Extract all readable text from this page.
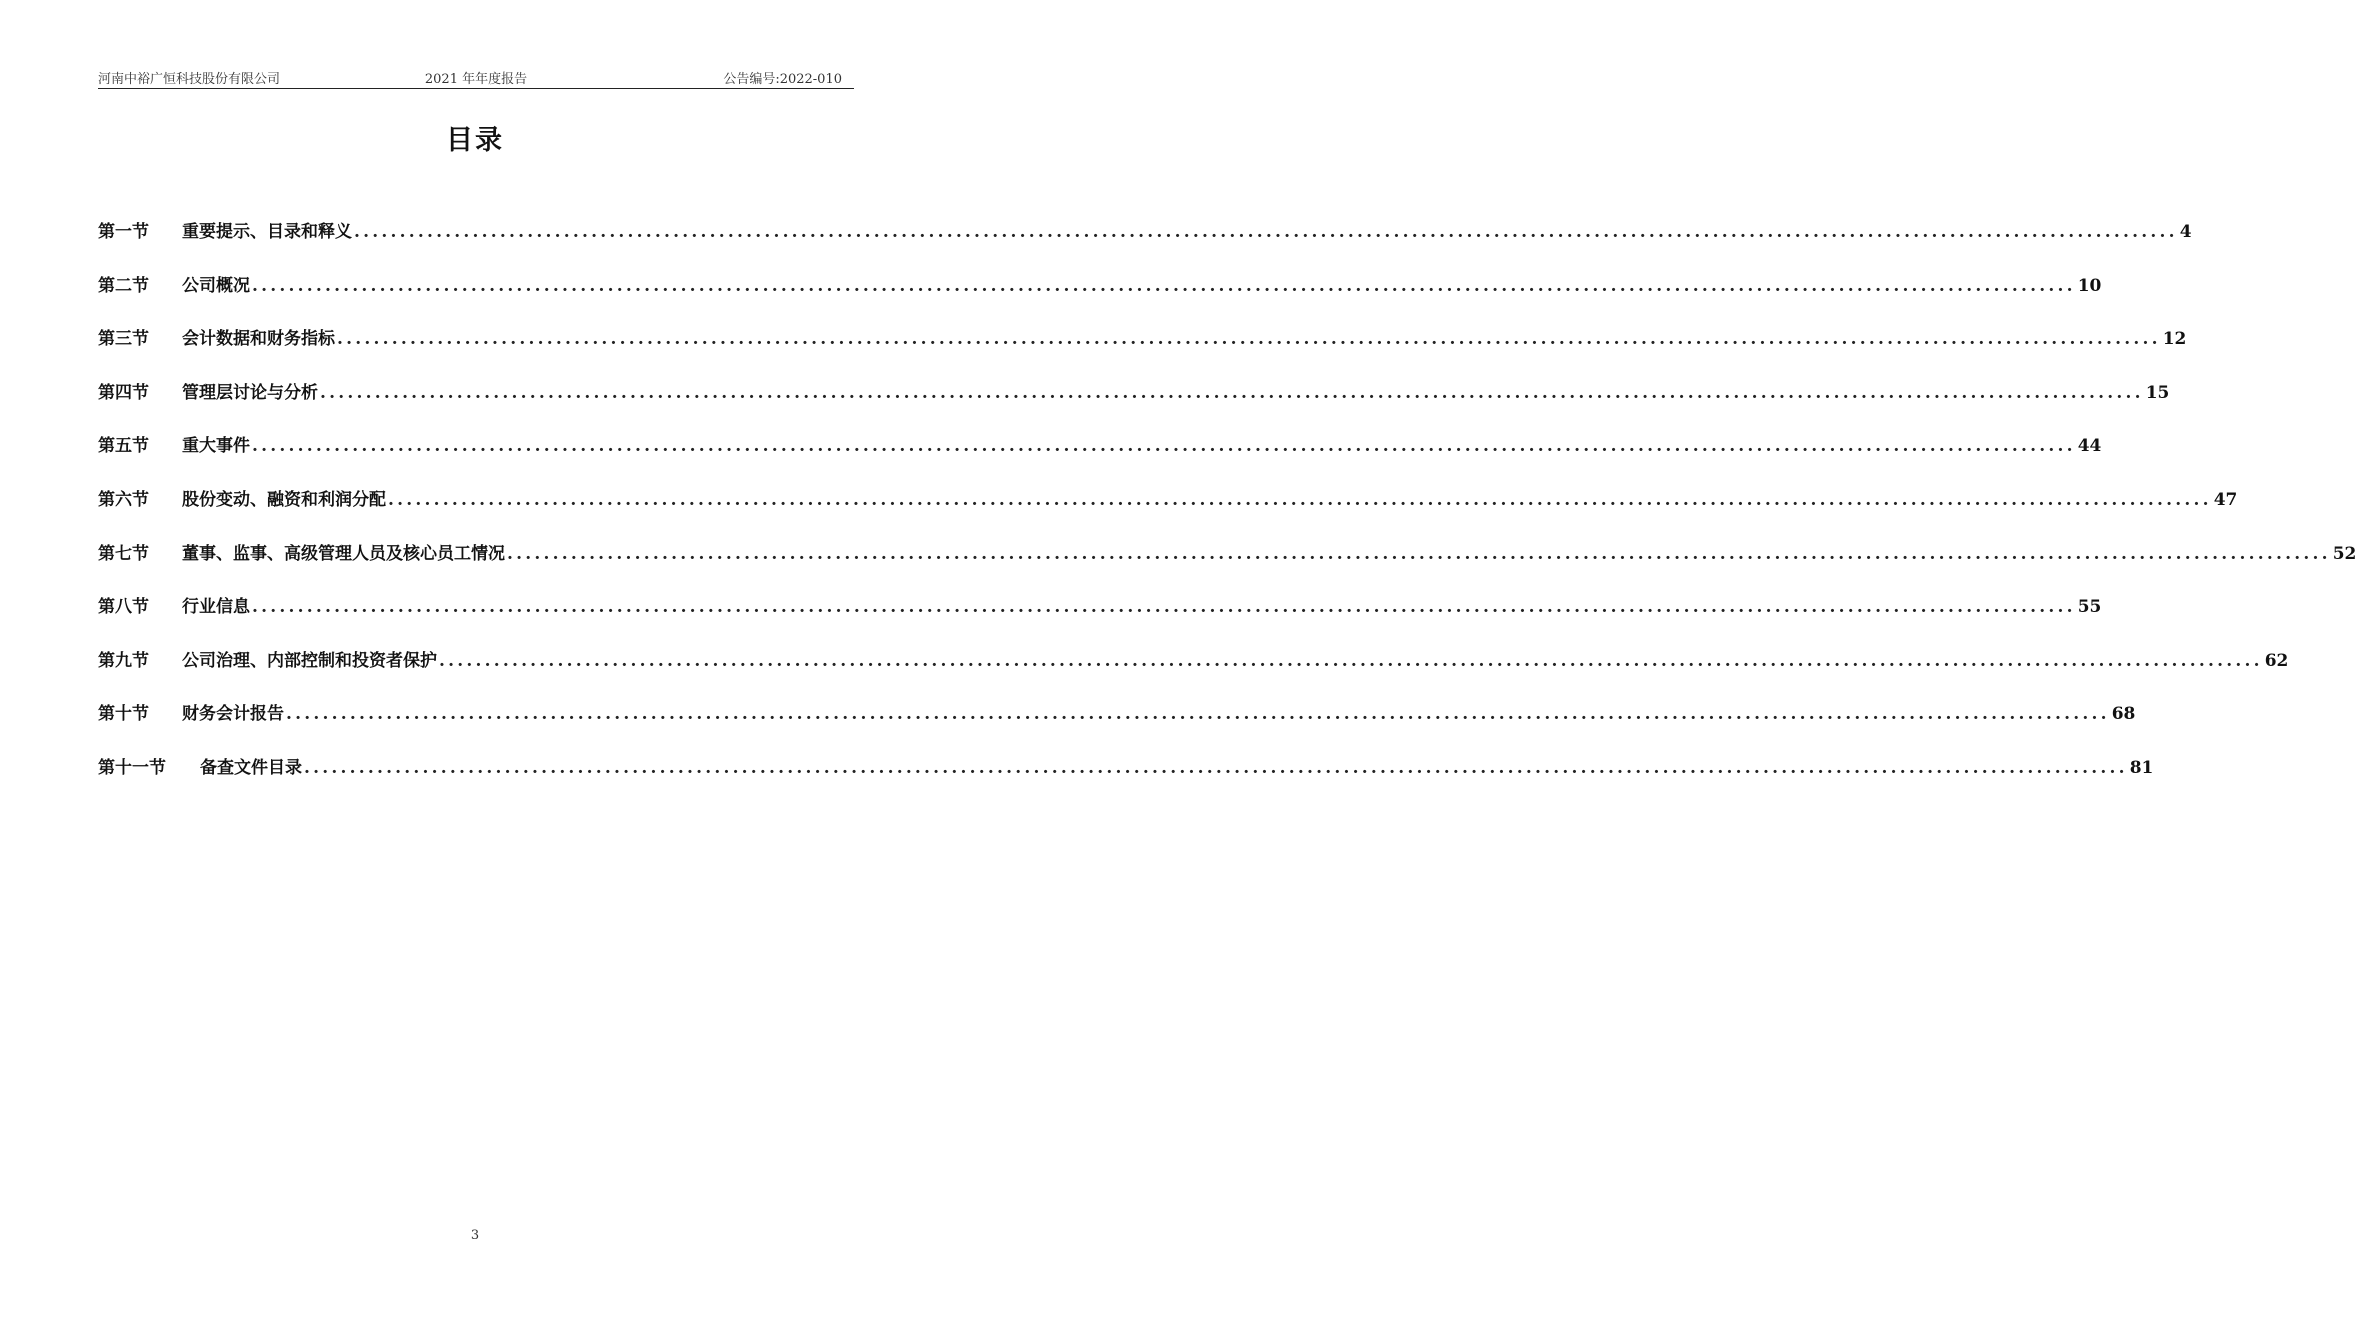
河南中裕广恒科技股份有限公司	2021 年年度报告	公告编号:2022-010
目录
第一节	重要提示、目录和释义 ........................................................................................................................................................................................................ 4
第二节	公司概况 ........................................................................................................................................................................................................ 10
第三节	会计数据和财务指标 ........................................................................................................................................................................................................ 12
第四节	管理层讨论与分析 ........................................................................................................................................................................................................ 15
第五节	重大事件 ........................................................................................................................................................................................................ 44
第六节	股份变动、融资和利润分配 ........................................................................................................................................................................................................ 47
第七节	董事、监事、高级管理人员及核心员工情况 ........................................................................................................................................................................................................ 52
第八节	行业信息 ........................................................................................................................................................................................................ 55
第九节	公司治理、内部控制和投资者保护 ........................................................................................................................................................................................................ 62
第十节	财务会计报告 ........................................................................................................................................................................................................ 68
第十一节	备查文件目录 ........................................................................................................................................................................................................ 81
3
